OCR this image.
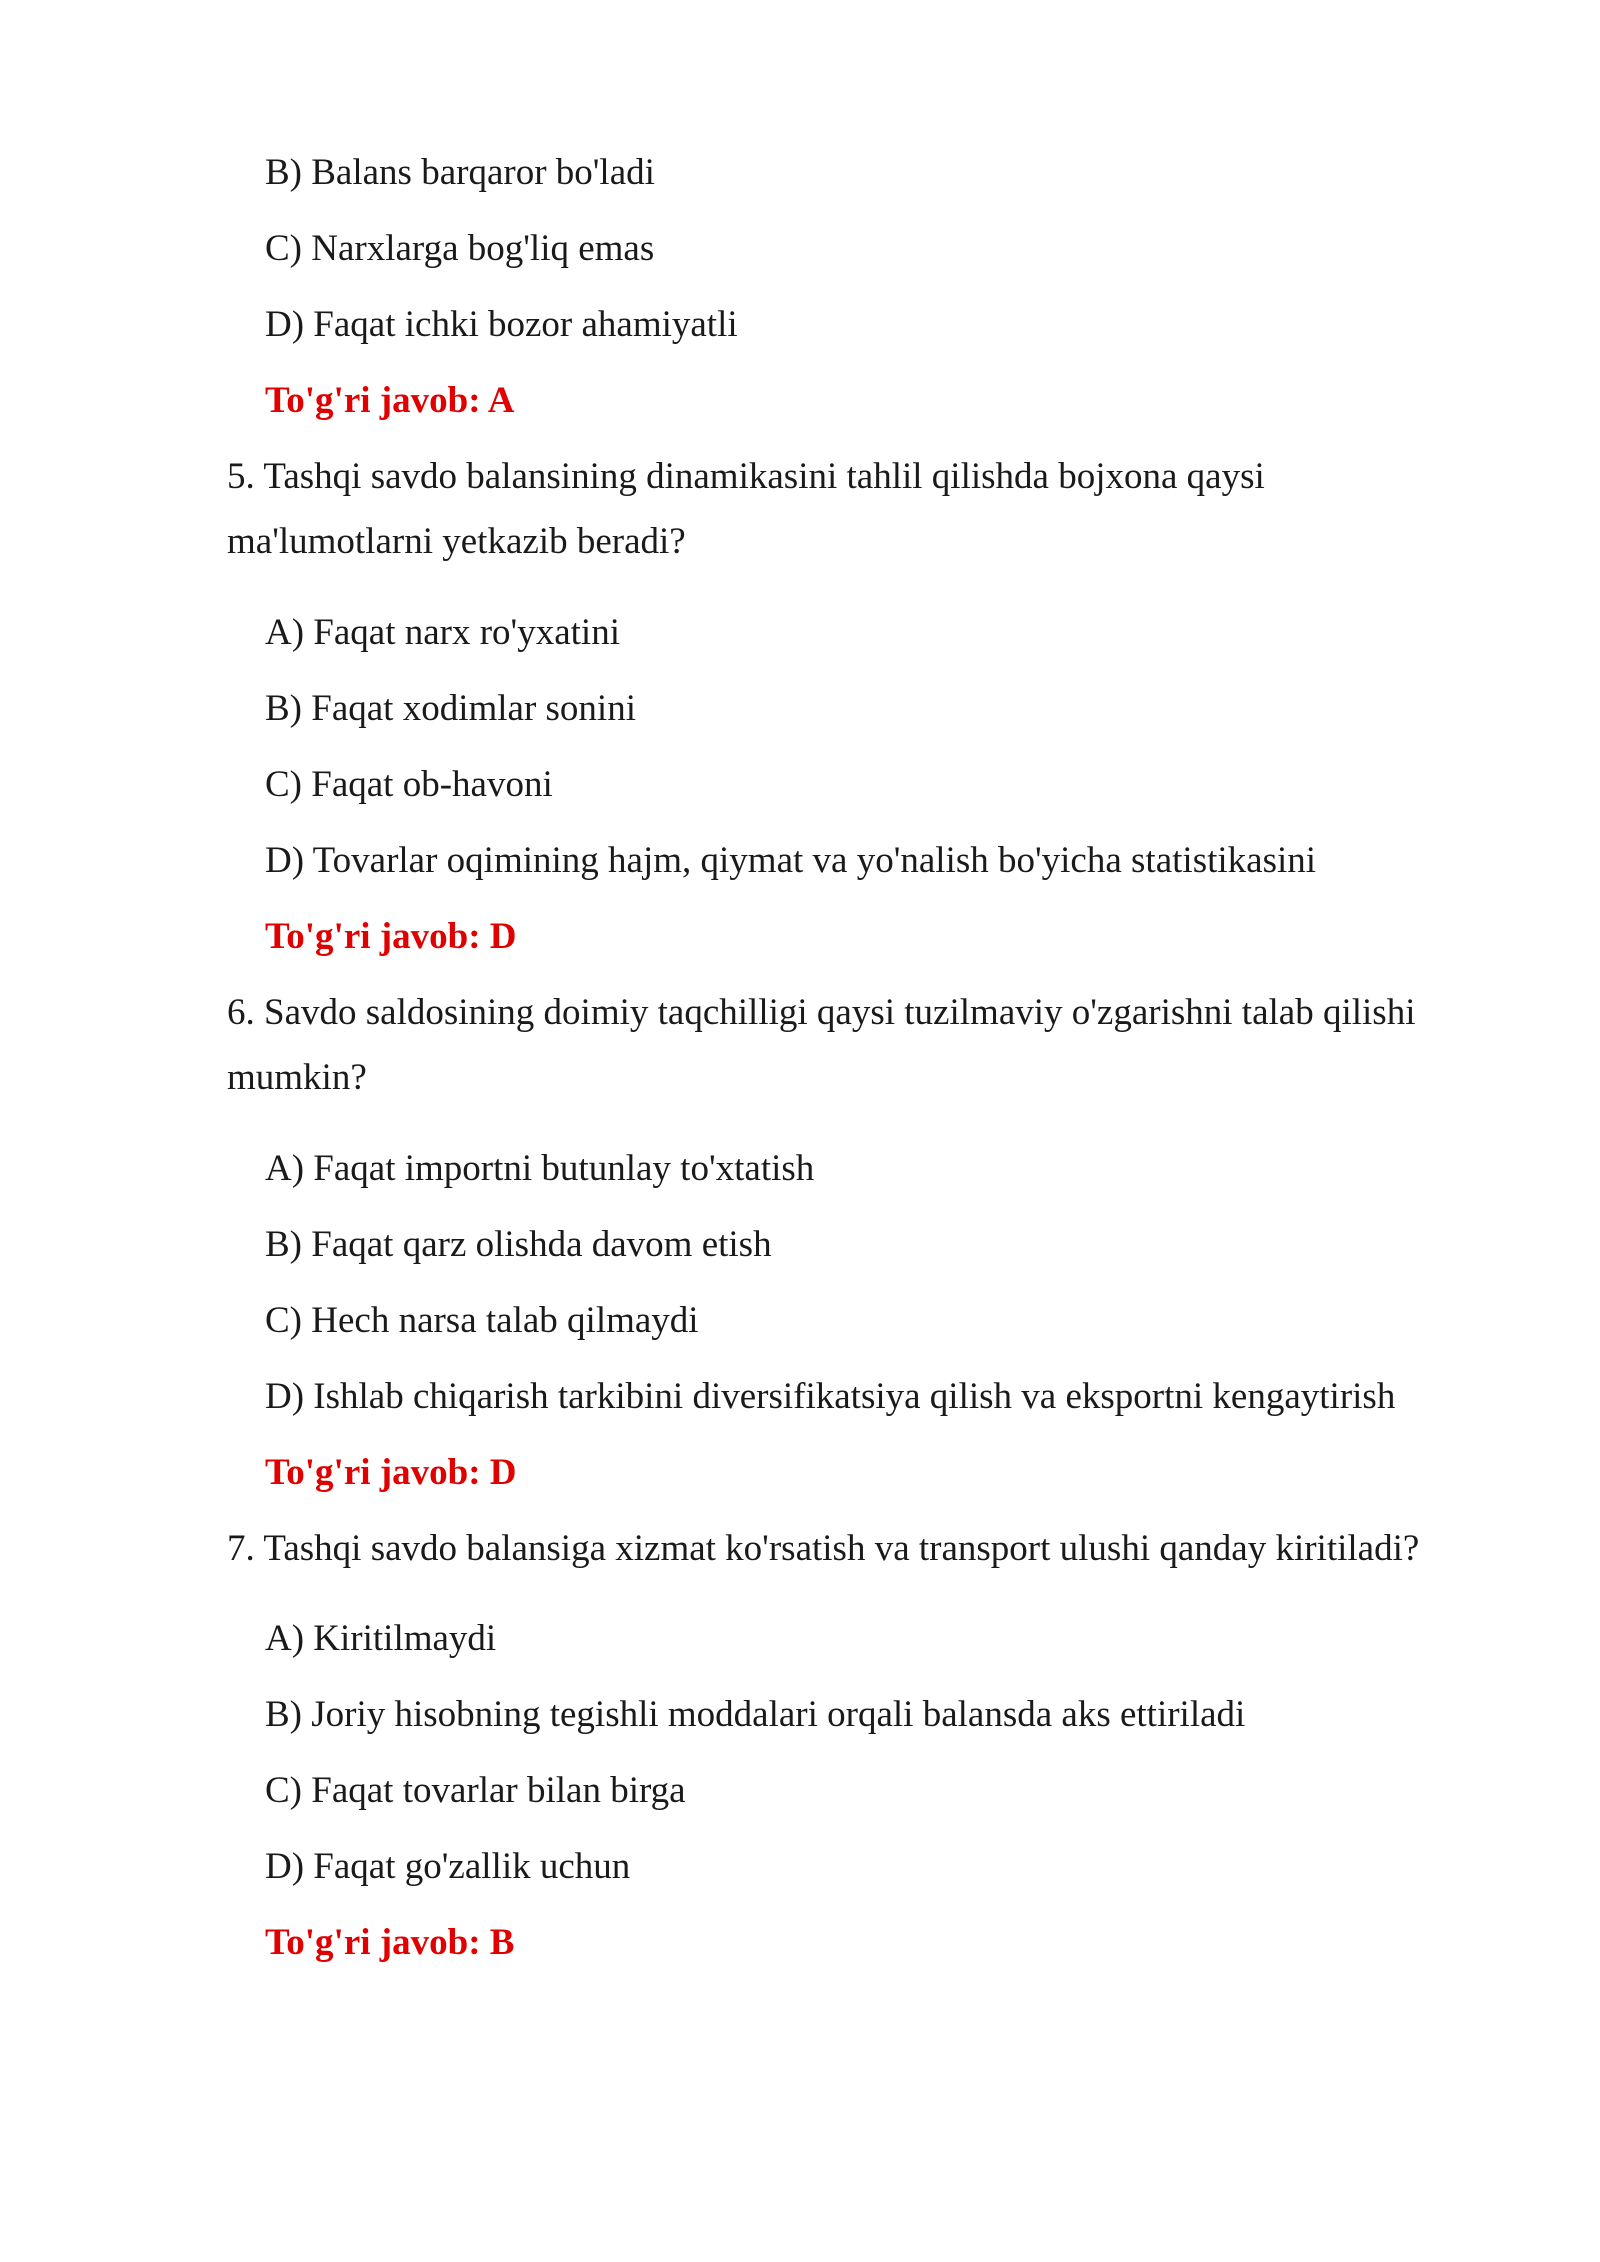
B) Balans barqaror bo'ladi
C) Narxlarga bog'liq emas
D) Faqat ichki bozor ahamiyatli
To'g'ri javob: A
5. Tashqi savdo balansining dinamikasini tahlil qilishda bojxona qaysi
ma'lumotlarni yetkazib beradi?
A) Faqat narx ro'yxatini
B) Faqat xodimlar sonini
C) Faqat ob-havoni
D) Tovarlar oqimining hajm, qiymat va yo'nalish bo'yicha statistikasini
To'g'ri javob: D
6. Savdo saldosining doimiy taqchilligi qaysi tuzilmaviy o'zgarishni talab qilishi
mumkin?
A) Faqat importni butunlay to'xtatish
B) Faqat qarz olishda davom etish
C) Hech narsa talab qilmaydi
D) Ishlab chiqarish tarkibini diversifikatsiya qilish va eksportni kengaytirish
To'g'ri javob: D
7. Tashqi savdo balansiga xizmat ko'rsatish va transport ulushi qanday kiritiladi?
A) Kiritilmaydi
B) Joriy hisobning tegishli moddalari orqali balansda aks ettiriladi
C) Faqat tovarlar bilan birga
D) Faqat go'zallik uchun
To'g'ri javob: B
